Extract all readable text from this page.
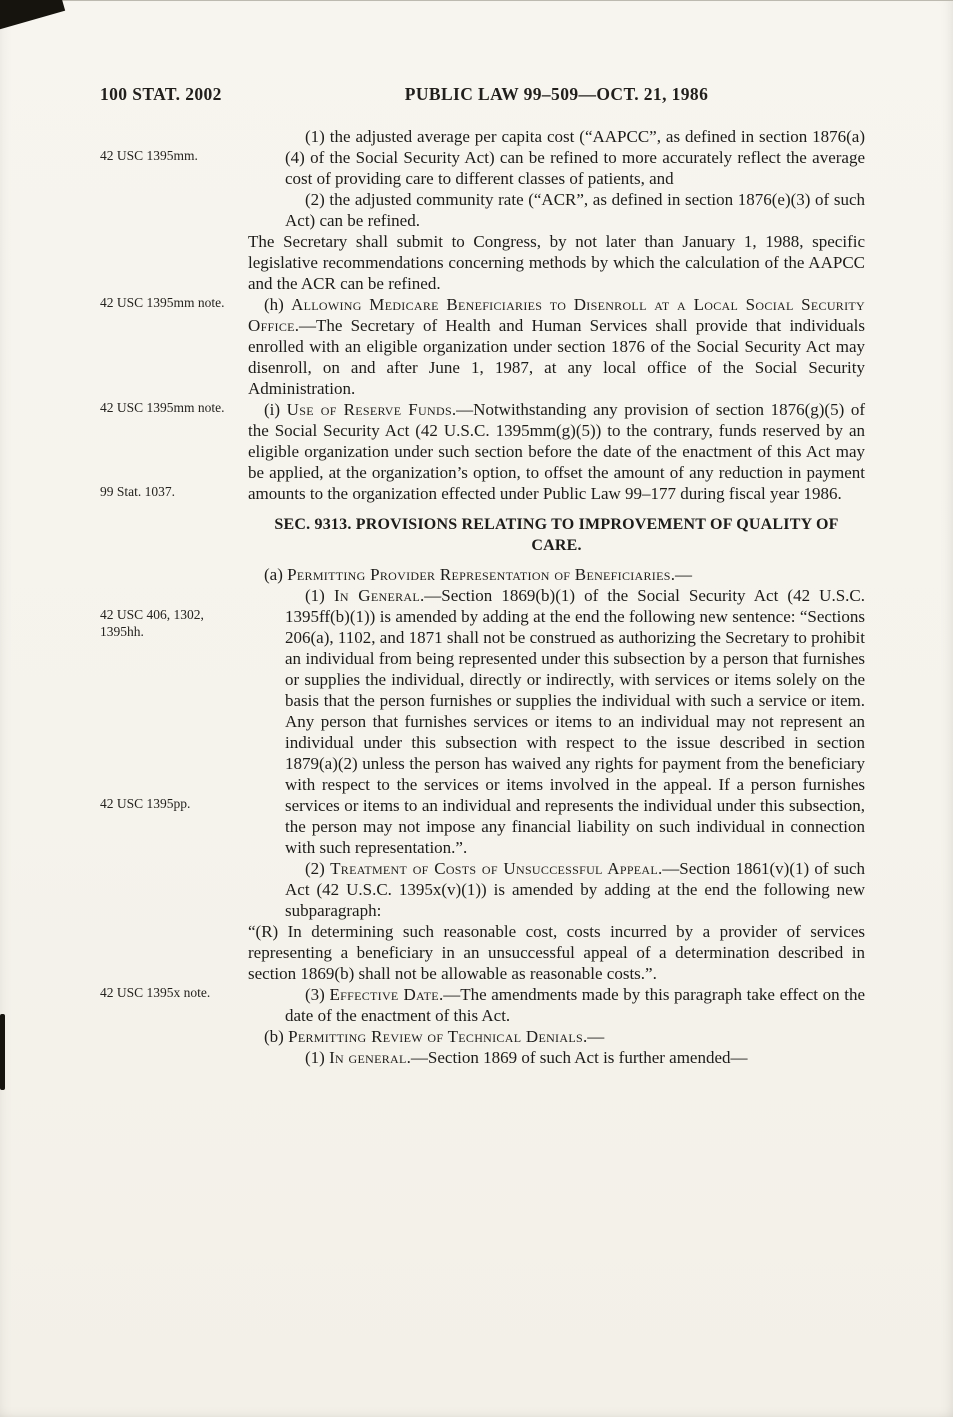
100 STAT. 2002	PUBLIC LAW 99–509—OCT. 21, 1986
42 USC 1395mm.
42 USC 1395mm note.
42 USC 1395mm note.
99 Stat. 1037.
42 USC 406, 1302, 1395hh.
42 USC 1395pp.
42 USC 1395x note.

(1) the adjusted average per capita cost (“AAPCC”, as defined in section 1876(a)(4) of the Social Security Act) can be refined to more accurately reflect the average cost of providing care to different classes of patients, and

(2) the adjusted community rate (“ACR”, as defined in section 1876(e)(3) of such Act) can be refined.

The Secretary shall submit to Congress, by not later than January 1, 1988, specific legislative recommendations concerning methods by which the calculation of the AAPCC and the ACR can be refined.

(h) Allowing Medicare Beneficiaries to Disenroll at a Local Social Security Office.—The Secretary of Health and Human Services shall provide that individuals enrolled with an eligible organization under section 1876 of the Social Security Act may disenroll, on and after June 1, 1987, at any local office of the Social Security Administration.

(i) Use of Reserve Funds.—Notwithstanding any provision of section 1876(g)(5) of the Social Security Act (42 U.S.C. 1395mm(g)(5)) to the contrary, funds reserved by an eligible organization under such section before the date of the enactment of this Act may be applied, at the organization’s option, to offset the amount of any reduction in payment amounts to the organization effected under Public Law 99–177 during fiscal year 1986.

SEC. 9313. PROVISIONS RELATING TO IMPROVEMENT OF QUALITY OF
CARE.

(a) Permitting Provider Representation of Beneficiaries.—

(1) In General.—Section 1869(b)(1) of the Social Security Act (42 U.S.C. 1395ff(b)(1)) is amended by adding at the end the following new sentence: “Sections 206(a), 1102, and 1871 shall not be construed as authorizing the Secretary to prohibit an individual from being represented under this subsection by a person that furnishes or supplies the individual, directly or indirectly, with services or items solely on the basis that the person furnishes or supplies the individual with such a service or item. Any person that furnishes services or items to an individual may not represent an individual under this subsection with respect to the issue described in section 1879(a)(2) unless the person has waived any rights for payment from the beneficiary with respect to the services or items involved in the appeal. If a person furnishes services or items to an individual and represents the individual under this subsection, the person may not impose any financial liability on such individual in connection with such representation.”.

(2) Treatment of Costs of Unsuccessful Appeal.—Section 1861(v)(1) of such Act (42 U.S.C. 1395x(v)(1)) is amended by adding at the end the following new subparagraph:

“(R) In determining such reasonable cost, costs incurred by a provider of services representing a beneficiary in an unsuccessful appeal of a determination described in section 1869(b) shall not be allowable as reasonable costs.”.

(3) Effective Date.—The amendments made by this paragraph take effect on the date of the enactment of this Act.

(b) Permitting Review of Technical Denials.—

(1) In general.—Section 1869 of such Act is further amended—
